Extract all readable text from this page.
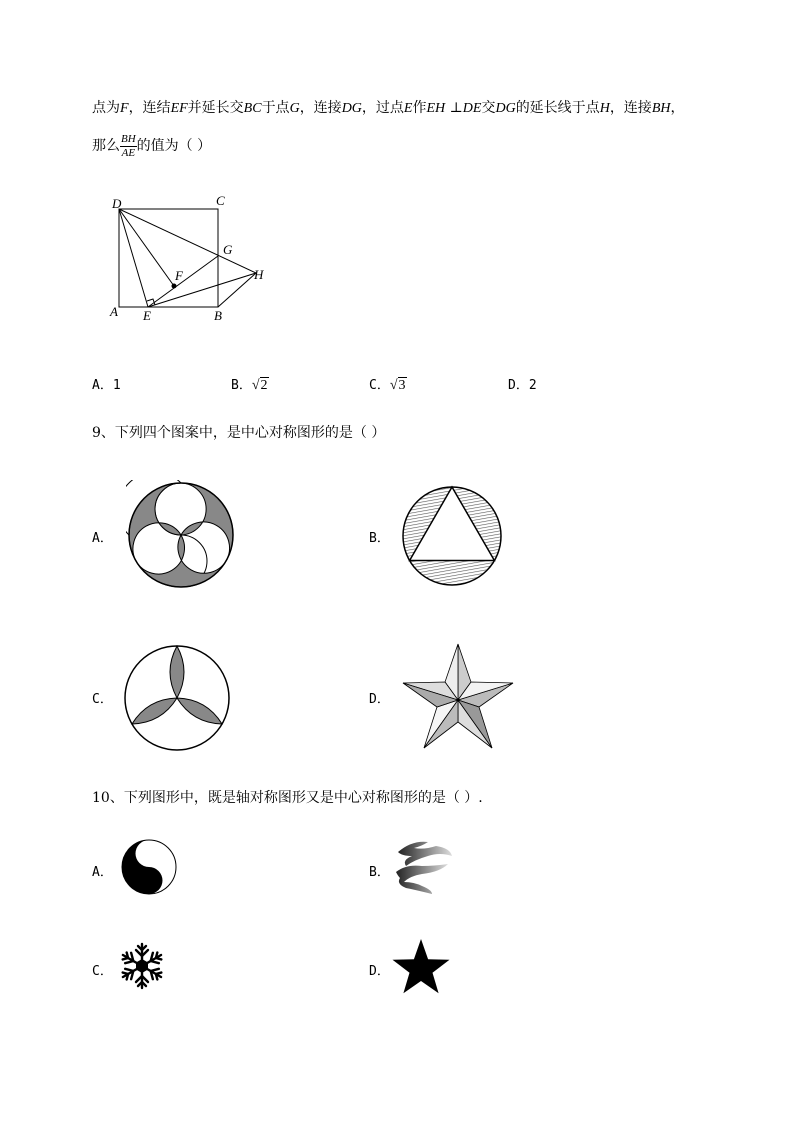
点为F，连结EF并延长交BC于点G，连接DG，过点E作EH ⊥DE交DG的延长线于点H，连接BH，
那么 $\frac{BH}{AE}$ 的值为（ ）
D	C
G
F	H
A E	B
A．1	B．√2	C．√3	D．2
9、下列四个图案中，是中心对称图形的是（ ）
A．	B．
C．	D．
10、下列图形中，既是轴对称图形又是中心对称图形的是（ ）.
A．	B．
C．	D．
